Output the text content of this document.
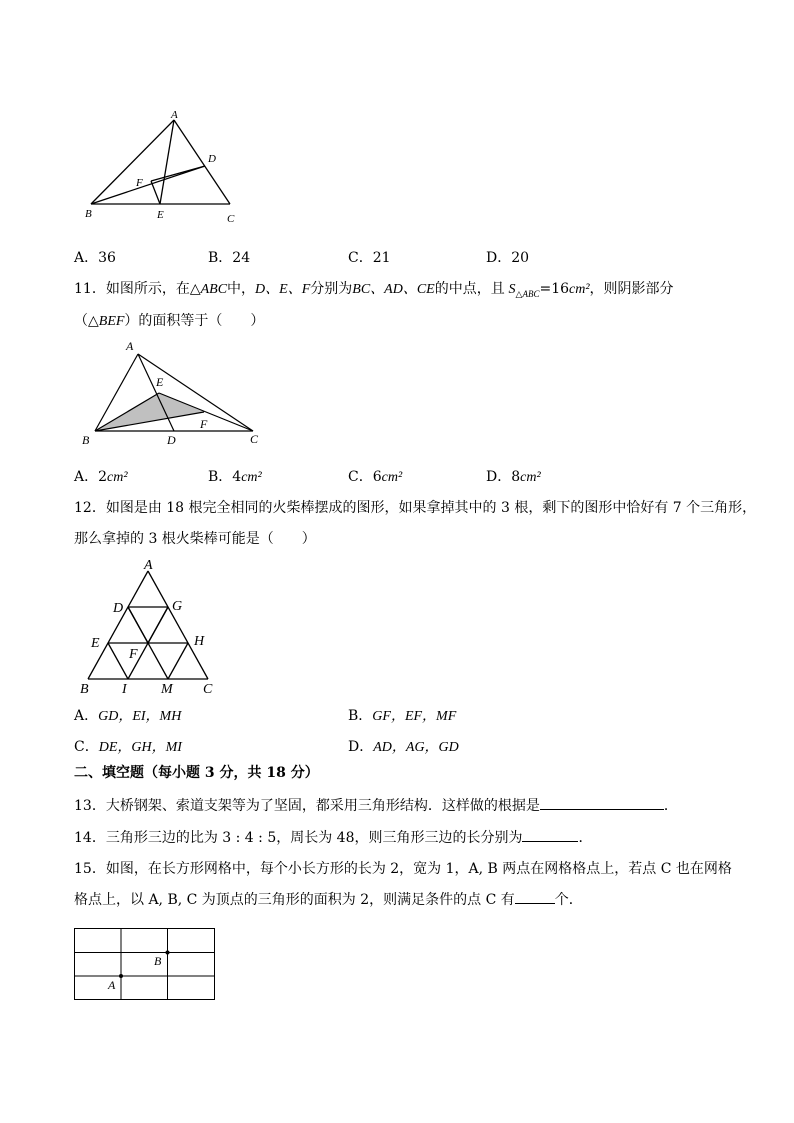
A
D
F
B	E	C
A．36	B．24	C．21	D．20
11．如图所示，在△ABC中，D、E、F分别为BC、AD、CE的中点，且 $S_{\triangle ABC}=16cm^2$，则阴影部分
（△BEF）的面积等于（　　）
A
E
F
B	D	C
A．2cm²	B．4cm²	C．6cm²	D．8cm²
12．如图是由 18 根完全相同的火柴棒摆成的图形，如果拿掉其中的 3 根，剩下的图形中恰好有 7 个三角形，
那么拿掉的 3 根火柴棒可能是（　　）
A
D	G
E	H
F
B I M C
A．GD，EI，MH	B．GF，EF，MF
C．DE，GH，MI	D．AD，AG，GD
二、填空题（每小题 3 分，共 18 分）
13．大桥钢架、索道支架等为了坚固，都采用三角形结构．这样做的根据是	．
14．三角形三边的比为 3 : 4 : 5，周长为 48，则三角形三边的长分别为	．
15．如图，在长方形网格中，每个小长方形的长为 2，宽为 1，A, B 两点在网格格点上，若点 C 也在网格
格点上，以 A, B, C 为顶点的三角形的面积为 2，则满足条件的点 C 有	个．
B
A
